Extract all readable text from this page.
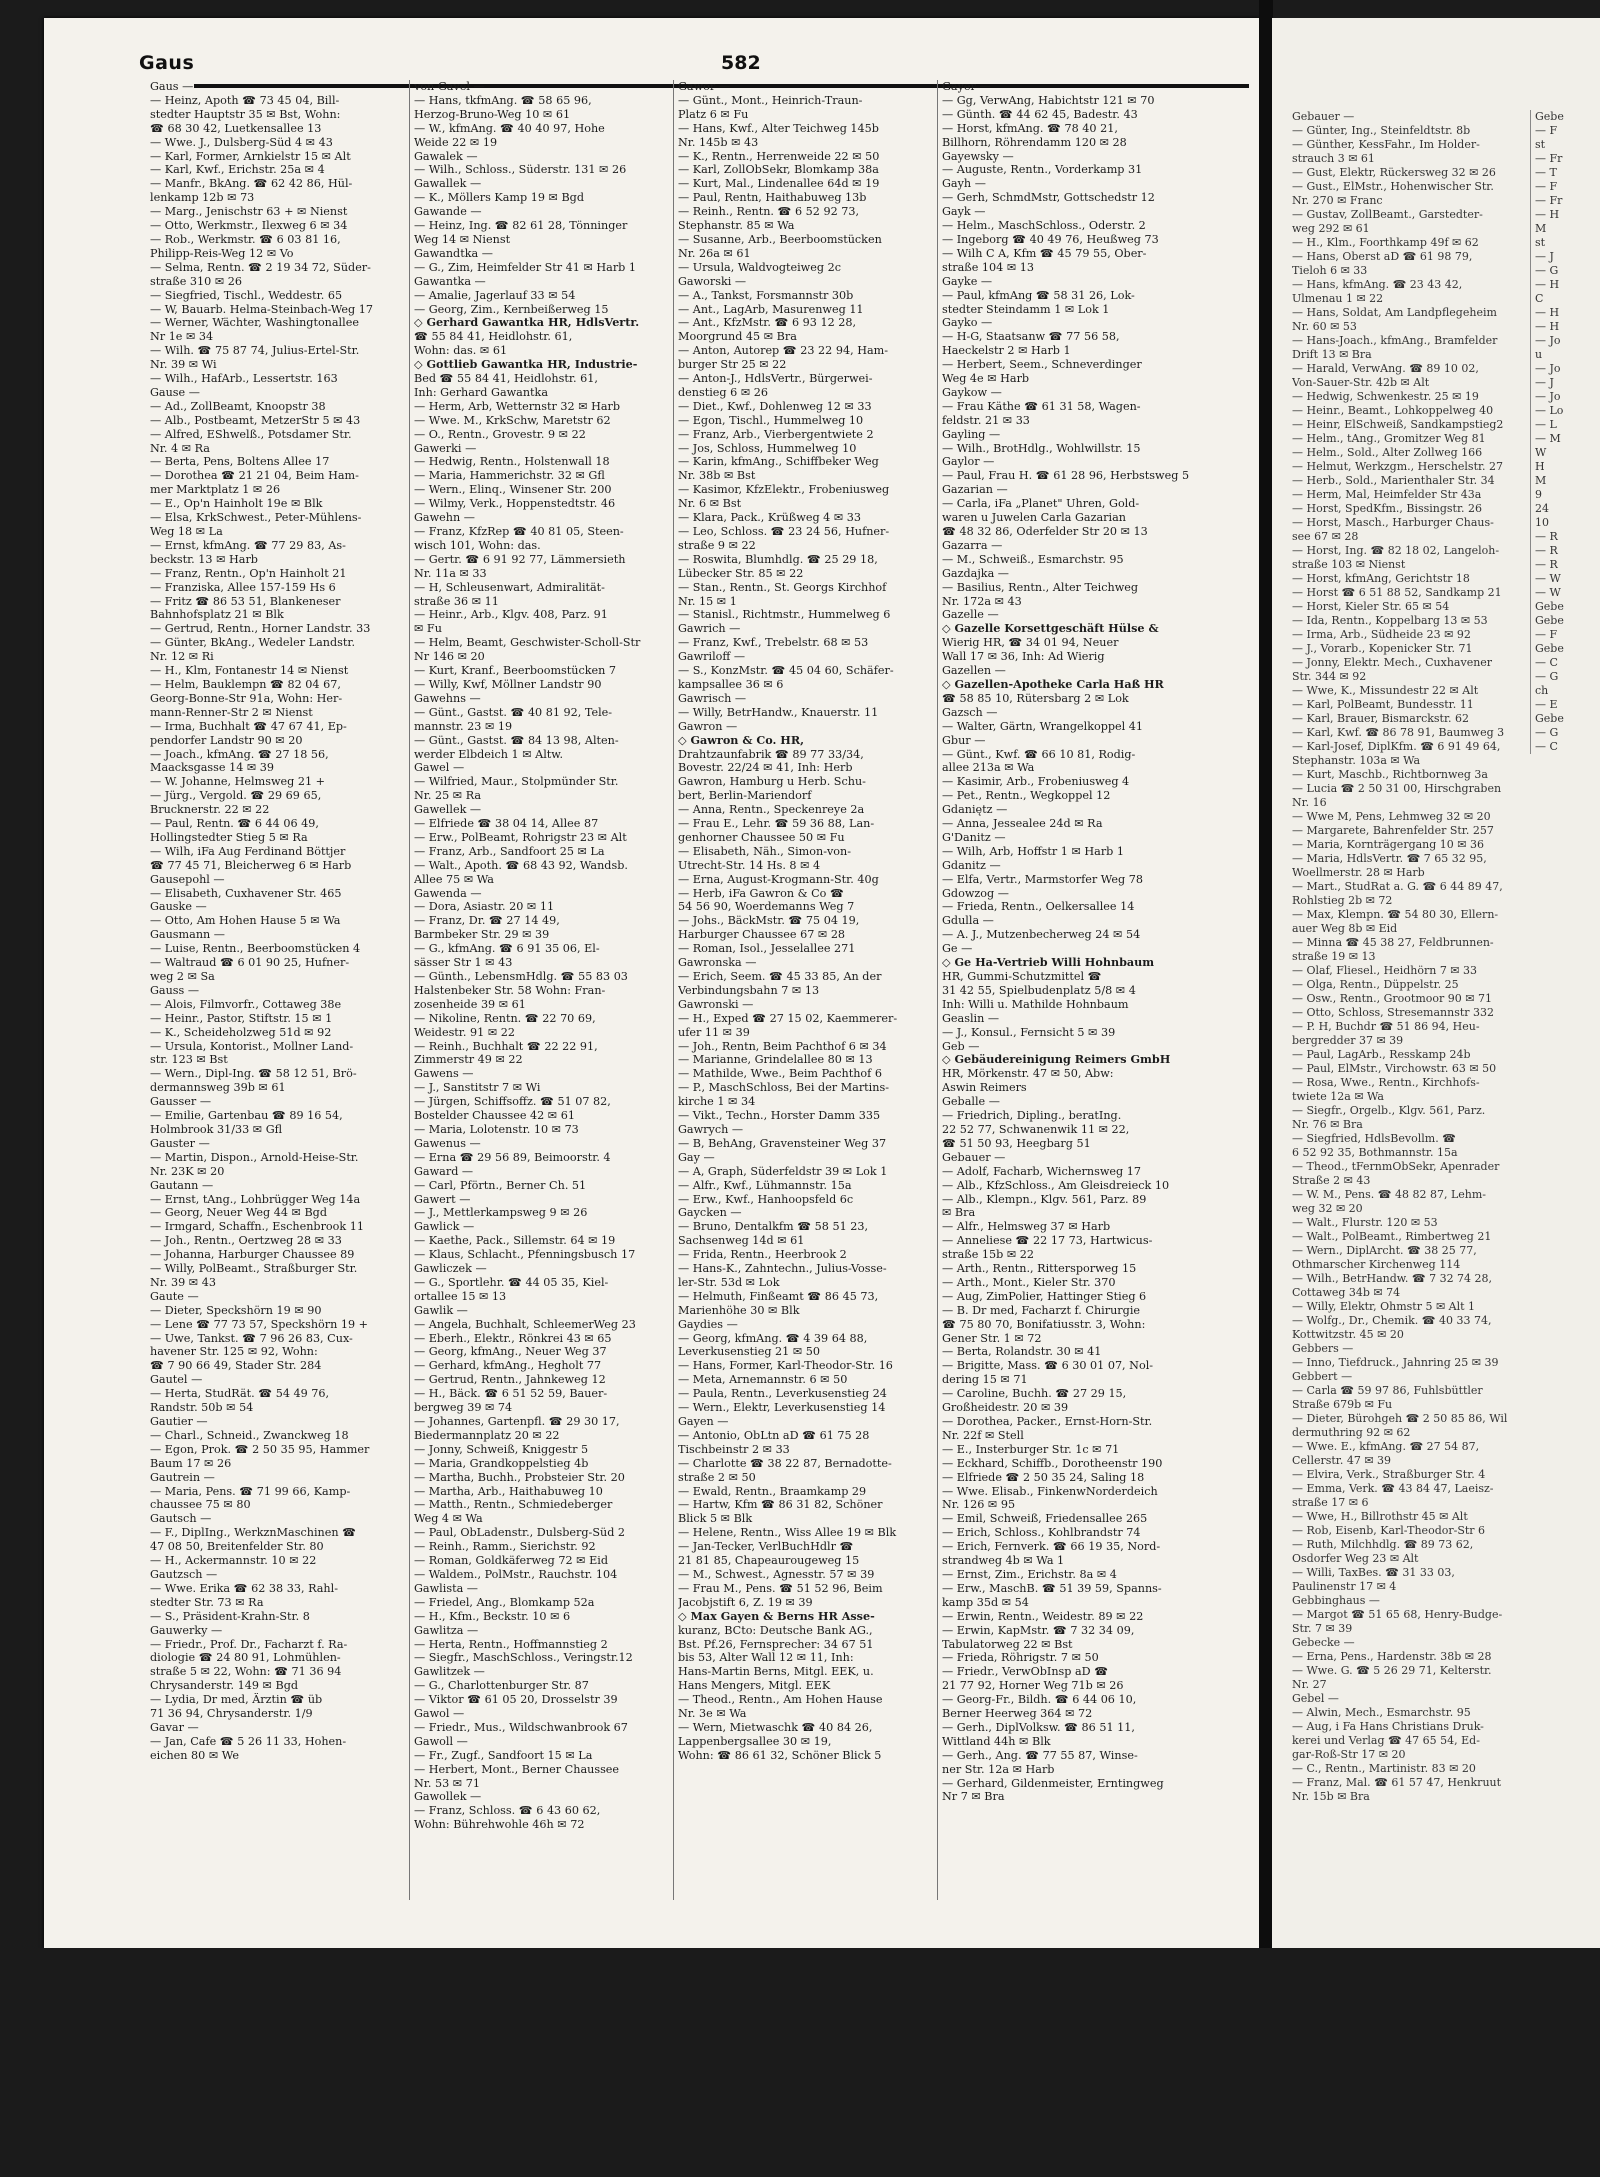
Gaus	582
Gaus —
— Heinz, Apoth ☎ 73 45 04, Bill-
stedter Hauptstr 35 ✉ Bst, Wohn:
☎ 68 30 42, Luetkensallee 13
— Wwe. J., Dulsberg-Süd 4 ✉ 43
— Karl, Former, Arnkielstr 15 ✉ Alt
— Karl, Kwf., Erichstr. 25a ✉ 4
— Manfr., BkAng. ☎ 62 42 86, Hül-
lenkamp 12b ✉ 73
— Marg., Jenischstr 63 + ✉ Nienst
— Otto, Werkmstr., Ilexweg 6 ✉ 34
— Rob., Werkmstr. ☎ 6 03 81 16,
Philipp-Reis-Weg 12 ✉ Vo
— Selma, Rentn. ☎ 2 19 34 72, Süder-
straße 310 ✉ 26
— Siegfried, Tischl., Weddestr. 65
— W, Bauarb. Helma-Steinbach-Weg 17
— Werner, Wächter, Washingtonallee
Nr 1e ✉ 34
— Wilh. ☎ 75 87 74, Julius-Ertel-Str.
Nr. 39 ✉ Wi
— Wilh., HafArb., Lessertstr. 163
Gause —
— Ad., ZollBeamt, Knoopstr 38
— Alb., Postbeamt, MetzerStr 5 ✉ 43
— Alfred, EShwelß., Potsdamer Str.
Nr. 4 ✉ Ra
— Berta, Pens, Boltens Allee 17
— Dorothea ☎ 21 21 04, Beim Ham-
mer Marktplatz 1 ✉ 26
— E., Op'n Hainholt 19e ✉ Blk
— Elsa, KrkSchwest., Peter-Mühlens-
Weg 18 ✉ La
— Ernst, kfmAng. ☎ 77 29 83, As-
beckstr. 13 ✉ Harb
— Franz, Rentn., Op'n Hainholt 21
— Franziska, Allee 157-159 Hs 6
— Fritz ☎ 86 53 51, Blankeneser
Bahnhofsplatz 21 ✉ Blk
— Gertrud, Rentn., Horner Landstr. 33
— Günter, BkAng., Wedeler Landstr.
Nr. 12 ✉ Ri
— H., Klm, Fontanestr 14 ✉ Nienst
— Helm, Bauklempn ☎ 82 04 67,
Georg-Bonne-Str 91a, Wohn: Her-
mann-Renner-Str 2 ✉ Nienst
— Irma, Buchhalt ☎ 47 67 41, Ep-
pendorfer Landstr 90 ✉ 20
— Joach., kfmAng. ☎ 27 18 56,
Maacksgasse 14 ✉ 39
— W. Johanne, Helmsweg 21 +
— Jürg., Vergold. ☎ 29 69 65,
Brucknerstr. 22 ✉ 22
— Paul, Rentn. ☎ 6 44 06 49,
Hollingstedter Stieg 5 ✉ Ra
— Wilh, iFa Aug Ferdinand Böttjer
☎ 77 45 71, Bleicherweg 6 ✉ Harb
Gausepohl —
— Elisabeth, Cuxhavener Str. 465
Gauske —
— Otto, Am Hohen Hause 5 ✉ Wa
Gausmann —
— Luise, Rentn., Beerboomstücken 4
— Waltraud ☎ 6 01 90 25, Hufner-
weg 2 ✉ Sa
Gauss —
— Alois, Filmvorfr., Cottaweg 38e
— Heinr., Pastor, Stiftstr. 15 ✉ 1
— K., Scheideholzweg 51d ✉ 92
— Ursula, Kontorist., Mollner Land-
str. 123 ✉ Bst
— Wern., Dipl-Ing. ☎ 58 12 51, Brö-
dermannsweg 39b ✉ 61
Gausser —
— Emilie, Gartenbau ☎ 89 16 54,
Holmbrook 31/33 ✉ Gfl
Gauster —
— Martin, Dispon., Arnold-Heise-Str.
Nr. 23K ✉ 20
Gautann —
— Ernst, tAng., Lohbrügger Weg 14a
— Georg, Neuer Weg 44 ✉ Bgd
— Irmgard, Schaffn., Eschenbrook 11
— Joh., Rentn., Oertzweg 28 ✉ 33
— Johanna, Harburger Chaussee 89
— Willy, PolBeamt., Straßburger Str.
Nr. 39 ✉ 43
Gaute —
— Dieter, Speckshörn 19 ✉ 90
— Lene ☎ 77 73 57, Speckshörn 19 +
— Uwe, Tankst. ☎ 7 96 26 83, Cux-
havener Str. 125 ✉ 92, Wohn:
☎ 7 90 66 49, Stader Str. 284
Gautel —
— Herta, StudRät. ☎ 54 49 76,
Randstr. 50b ✉ 54
Gautier —
— Charl., Schneid., Zwanckweg 18
— Egon, Prok. ☎ 2 50 35 95, Hammer
Baum 17 ✉ 26
Gautrein —
— Maria, Pens. ☎ 71 99 66, Kamp-
chaussee 75 ✉ 80
Gautsch —
— F., DiplIng., WerkznMaschinen ☎
47 08 50, Breitenfelder Str. 80
— H., Ackermannstr. 10 ✉ 22
Gautzsch —
— Wwe. Erika ☎ 62 38 33, Rahl-
stedter Str. 73 ✉ Ra
— S., Präsident-Krahn-Str. 8
Gauwerky —
— Friedr., Prof. Dr., Facharzt f. Ra-
diologie ☎ 24 80 91, Lohmühlen-
straße 5 ✉ 22, Wohn: ☎ 71 36 94
Chrysanderstr. 149 ✉ Bgd
— Lydia, Dr med, Ärztin ☎ üb
71 36 94, Chrysanderstr. 1/9
Gavar —
— Jan, Cafe ☎ 5 26 11 33, Hohen-
eichen 80 ✉ We
von Gavel —
— Hans, tkfmAng. ☎ 58 65 96,
Herzog-Bruno-Weg 10 ✉ 61
— W., kfmAng. ☎ 40 40 97, Hohe
Weide 22 ✉ 19
Gawalek —
— Wilh., Schloss., Süderstr. 131 ✉ 26
Gawallek —
— K., Möllers Kamp 19 ✉ Bgd
Gawande —
— Heinz, Ing. ☎ 82 61 28, Tönninger
Weg 14 ✉ Nienst
Gawandtka —
— G., Zim, Heimfelder Str 41 ✉ Harb 1
Gawantka —
— Amalie, Jagerlauf 33 ✉ 54
— Georg, Zim., Kernbeißerweg 15
◇ Gerhard Gawantka HR, HdlsVertr.
☎ 55 84 41, Heidlohstr. 61,
Wohn: das. ✉ 61
◇ Gottlieb Gawantka HR, Industrie-
Bed ☎ 55 84 41, Heidlohstr. 61,
Inh: Gerhard Gawantka
— Herm, Arb, Wetternstr 32 ✉ Harb
— Wwe. M., KrkSchw, Maretstr 62
— O., Rentn., Grovestr. 9 ✉ 22
Gawerki —
— Hedwig, Rentn., Holstenwall 18
— Maria, Hammerichstr. 32 ✉ Gfl
— Wern., Elinq., Winsener Str. 200
— Wilmy, Verk., Hoppenstedtstr. 46
Gawehn —
— Franz, KfzRep ☎ 40 81 05, Steen-
wisch 101, Wohn: das.
— Gertr. ☎ 6 91 92 77, Lämmersieth
Nr. 11a ✉ 33
— H, Schleusenwart, Admiralität-
straße 36 ✉ 11
— Heinr., Arb., Klgv. 408, Parz. 91
✉ Fu
— Helm, Beamt, Geschwister-Scholl-Str
Nr 146 ✉ 20
— Kurt, Kranf., Beerboomstücken 7
— Willy, Kwf, Möllner Landstr 90
Gawehns —
— Günt., Gastst. ☎ 40 81 92, Tele-
mannstr. 23 ✉ 19
— Günt., Gastst. ☎ 84 13 98, Alten-
werder Elbdeich 1 ✉ Altw.
Gawel —
— Wilfried, Maur., Stolpmünder Str.
Nr. 25 ✉ Ra
Gawellek —
— Elfriede ☎ 38 04 14, Allee 87
— Erw., PolBeamt, Rohrigstr 23 ✉ Alt
— Franz, Arb., Sandfoort 25 ✉ La
— Walt., Apoth. ☎ 68 43 92, Wandsb.
Allee 75 ✉ Wa
Gawenda —
— Dora, Asiastr. 20 ✉ 11
— Franz, Dr. ☎ 27 14 49,
Barmbeker Str. 29 ✉ 39
— G., kfmAng. ☎ 6 91 35 06, El-
sässer Str 1 ✉ 43
— Günth., LebensmHdlg. ☎ 55 83 03
Halstenbeker Str. 58 Wohn: Fran-
zosenheide 39 ✉ 61
— Nikoline, Rentn. ☎ 22 70 69,
Weidestr. 91 ✉ 22
— Reinh., Buchhalt ☎ 22 22 91,
Zimmerstr 49 ✉ 22
Gawens —
— J., Sanstitstr 7 ✉ Wi
— Jürgen, Schiffsoffz. ☎ 51 07 82,
Bostelder Chaussee 42 ✉ 61
— Maria, Lolotenstr. 10 ✉ 73
Gawenus —
— Erna ☎ 29 56 89, Beimoorstr. 4
Gaward —
— Carl, Pförtn., Berner Ch. 51
Gawert —
— J., Mettlerkampsweg 9 ✉ 26
Gawlick —
— Kaethe, Pack., Sillemstr. 64 ✉ 19
— Klaus, Schlacht., Pfenningsbusch 17
Gawliczek —
— G., Sportlehr. ☎ 44 05 35, Kiel-
ortallee 15 ✉ 13
Gawlik —
— Angela, Buchhalt, SchleemerWeg 23
— Eberh., Elektr., Rönkrei 43 ✉ 65
— Georg, kfmAng., Neuer Weg 37
— Gerhard, kfmAng., Hegholt 77
— Gertrud, Rentn., Jahnkeweg 12
— H., Bäck. ☎ 6 51 52 59, Bauer-
bergweg 39 ✉ 74
— Johannes, Gartenpfl. ☎ 29 30 17,
Biedermannplatz 20 ✉ 22
— Jonny, Schweiß, Kniggestr 5
— Maria, Grandkoppelstieg 4b
— Martha, Buchh., Probsteier Str. 20
— Martha, Arb., Haithabuweg 10
— Matth., Rentn., Schmiedeberger
Weg 4 ✉ Wa
— Paul, ObLadenstr., Dulsberg-Süd 2
— Reinh., Ramm., Sierichstr. 92
— Roman, Goldkäferweg 72 ✉ Eid
— Waldem., PolMstr., Rauchstr. 104
Gawlista —
— Friedel, Ang., Blomkamp 52a
— H., Kfm., Beckstr. 10 ✉ 6
Gawlitza —
— Herta, Rentn., Hoffmannstieg 2
— Siegfr., MaschSchloss., Veringstr.12
Gawlitzek —
— G., Charlottenburger Str. 87
— Viktor ☎ 61 05 20, Drosselstr 39
Gawol —
— Friedr., Mus., Wildschwanbrook 67
Gawoll —
— Fr., Zugf., Sandfoort 15 ✉ La
— Herbert, Mont., Berner Chaussee
Nr. 53 ✉ 71
Gawollek —
— Franz, Schloss. ☎ 6 43 60 62,
Wohn: Bührehwohle 46h ✉ 72
Gawor —
— Günt., Mont., Heinrich-Traun-
Platz 6 ✉ Fu
— Hans, Kwf., Alter Teichweg 145b
Nr. 145b ✉ 43
— K., Rentn., Herrenweide 22 ✉ 50
— Karl, ZollObSekr, Blomkamp 38a
— Kurt, Mal., Lindenallee 64d ✉ 19
— Paul, Rentn, Haithabuweg 13b
— Reinh., Rentn. ☎ 6 52 92 73,
Stephanstr. 85 ✉ Wa
— Susanne, Arb., Beerboomstücken
Nr. 26a ✉ 61
— Ursula, Waldvogteiweg 2c
Gaworski —
— A., Tankst, Forsmannstr 30b
— Ant., LagArb, Masurenweg 11
— Ant., KfzMstr. ☎ 6 93 12 28,
Moorgrund 45 ✉ Bra
— Anton, Autorep ☎ 23 22 94, Ham-
burger Str 25 ✉ 22
— Anton-J., HdlsVertr., Bürgerwei-
denstieg 6 ✉ 26
— Diet., Kwf., Dohlenweg 12 ✉ 33
— Egon, Tischl., Hummelweg 10
— Franz, Arb., Vierbergentwiete 2
— Jos, Schloss, Hummelweg 10
— Karin, kfmAng., Schiffbeker Weg
Nr. 38b ✉ Bst
— Kasimor, KfzElektr., Frobeniusweg
Nr. 6 ✉ Bst
— Klara, Pack., Krüßweg 4 ✉ 33
— Leo, Schloss. ☎ 23 24 56, Hufner-
straße 9 ✉ 22
— Roswita, Blumhdlg. ☎ 25 29 18,
Lübecker Str. 85 ✉ 22
— Stan., Rentn., St. Georgs Kirchhof
Nr. 15 ✉ 1
— Stanisl., Richtmstr., Hummelweg 6
Gawrich —
— Franz, Kwf., Trebelstr. 68 ✉ 53
Gawriloff —
— S., KonzMstr. ☎ 45 04 60, Schäfer-
kampsallee 36 ✉ 6
Gawrisch —
— Willy, BetrHandw., Knauerstr. 11
Gawron —
◇ Gawron & Co. HR,
Drahtzaunfabrik ☎ 89 77 33/34,
Bovestr. 22/24 ✉ 41, Inh: Herb
Gawron, Hamburg u Herb. Schu-
bert, Berlin-Mariendorf
— Anna, Rentn., Speckenreye 2a
— Frau E., Lehr. ☎ 59 36 88, Lan-
genhorner Chaussee 50 ✉ Fu
— Elisabeth, Näh., Simon-von-
Utrecht-Str. 14 Hs. 8 ✉ 4
— Erna, August-Krogmann-Str. 40g
— Herb, iFa Gawron & Co ☎
54 56 90, Woerdemanns Weg 7
— Johs., BäckMstr. ☎ 75 04 19,
Harburger Chaussee 67 ✉ 28
— Roman, Isol., Jesselallee 271
Gawronska —
— Erich, Seem. ☎ 45 33 85, An der
Verbindungsbahn 7 ✉ 13
Gawronski —
— H., Exped ☎ 27 15 02, Kaemmerer-
ufer 11 ✉ 39
— Joh., Rentn, Beim Pachthof 6 ✉ 34
— Marianne, Grindelallee 80 ✉ 13
— Mathilde, Wwe., Beim Pachthof 6
— P., MaschSchloss, Bei der Martins-
kirche 1 ✉ 34
— Vikt., Techn., Horster Damm 335
Gawrych —
— B, BehAng, Gravensteiner Weg 37
Gay —
— A, Graph, Süderfeldstr 39 ✉ Lok 1
— Alfr., Kwf., Lühmannstr. 15a
— Erw., Kwf., Hanhoopsfeld 6c
Gaycken —
— Bruno, Dentalkfm ☎ 58 51 23,
Sachsenweg 14d ✉ 61
— Frida, Rentn., Heerbrook 2
— Hans-K., Zahntechn., Julius-Vosse-
ler-Str. 53d ✉ Lok
— Helmuth, Finßeamt ☎ 86 45 73,
Marienhöhe 30 ✉ Blk
Gaydies —
— Georg, kfmAng. ☎ 4 39 64 88,
Leverkusenstieg 21 ✉ 50
— Hans, Former, Karl-Theodor-Str. 16
— Meta, Arnemannstr. 6 ✉ 50
— Paula, Rentn., Leverkusenstieg 24
— Wern., Elektr, Leverkusenstieg 14
Gayen —
— Antonio, ObLtn aD ☎ 61 75 28
Tischbeinstr 2 ✉ 33
— Charlotte ☎ 38 22 87, Bernadotte-
straße 2 ✉ 50
— Ewald, Rentn., Braamkamp 29
— Hartw, Kfm ☎ 86 31 82, Schöner
Blick 5 ✉ Blk
— Helene, Rentn., Wiss Allee 19 ✉ Blk
— Jan-Tecker, VerlBuchHdlr ☎
21 81 85, Chapeaurougeweg 15
— M., Schwest., Agnesstr. 57 ✉ 39
— Frau M., Pens. ☎ 51 52 96, Beim
Jacobjstift 6, Z. 19 ✉ 39
◇ Max Gayen & Berns HR Asse-
kuranz, BCto: Deutsche Bank AG.,
Bst. Pf.26, Fernsprecher: 34 67 51
bis 53, Alter Wall 12 ✉ 11, Inh:
Hans-Martin Berns, Mitgl. EEK, u.
Hans Mengers, Mitgl. EEK
— Theod., Rentn., Am Hohen Hause
Nr. 3e ✉ Wa
— Wern, Mietwaschk ☎ 40 84 26,
Lappenbergsallee 30 ✉ 19,
Wohn: ☎ 86 61 32, Schöner Blick 5
Gayer —
— Gg, VerwAng, Habichtstr 121 ✉ 70
— Günth. ☎ 44 62 45, Badestr. 43
— Horst, kfmAng. ☎ 78 40 21,
Billhorn, Röhrendamm 120 ✉ 28
Gayewsky —
— Auguste, Rentn., Vorderkamp 31
Gayh —
— Gerh, SchmdMstr, Gottschedstr 12
Gayk —
— Helm., MaschSchloss., Oderstr. 2
— Ingeborg ☎ 40 49 76, Heußweg 73
— Wilh C A, Kfm ☎ 45 79 55, Ober-
straße 104 ✉ 13
Gayke —
— Paul, kfmAng ☎ 58 31 26, Lok-
stedter Steindamm 1 ✉ Lok 1
Gayko —
— H-G, Staatsanw ☎ 77 56 58,
Haeckelstr 2 ✉ Harb 1
— Herbert, Seem., Schneverdinger
Weg 4e ✉ Harb
Gaykow —
— Frau Käthe ☎ 61 31 58, Wagen-
feldstr. 21 ✉ 33
Gayling —
— Wilh., BrotHdlg., Wohlwillstr. 15
Gaylor —
— Paul, Frau H. ☎ 61 28 96, Herbstsweg 5
Gazarian —
— Carla, iFa „Planet" Uhren, Gold-
waren u Juwelen Carla Gazarian
☎ 48 32 86, Oderfelder Str 20 ✉ 13
Gazarra —
— M., Schweiß., Esmarchstr. 95
Gazdajka —
— Basilius, Rentn., Alter Teichweg
Nr. 172a ✉ 43
Gazelle —
◇ Gazelle Korsettgeschäft Hülse &
Wierig HR, ☎ 34 01 94, Neuer
Wall 17 ✉ 36, Inh: Ad Wierig
Gazellen —
◇ Gazellen-Apotheke Carla Haß HR
☎ 58 85 10, Rütersbarg 2 ✉ Lok
Gazsch —
— Walter, Gärtn, Wrangelkoppel 41
Gbur —
— Günt., Kwf. ☎ 66 10 81, Rodig-
allee 213a ✉ Wa
— Kasimir, Arb., Frobeniusweg 4
— Pet., Rentn., Wegkoppel 12
Gdaniętz —
— Anna, Jessealee 24d ✉ Ra
G'Danitz —
— Wilh, Arb, Hoffstr 1 ✉ Harb 1
Gdanitz —
— Elfa, Vertr., Marmstorfer Weg 78
Gdowzog —
— Frieda, Rentn., Oelkersallee 14
Gdulla —
— A. J., Mutzenbecherweg 24 ✉ 54
Ge —
◇ Ge Ha-Vertrieb Willi Hohnbaum
HR, Gummi-Schutzmittel ☎
31 42 55, Spielbudenplatz 5/8 ✉ 4
Inh: Willi u. Mathilde Hohnbaum
Geaslin —
— J., Konsul., Fernsicht 5 ✉ 39
Geb —
◇ Gebäudereinigung Reimers GmbH
HR, Mörkenstr. 47 ✉ 50, Abw:
Aswin Reimers
Geballe —
— Friedrich, Dipling., beratIng.
22 52 77, Schwanenwik 11 ✉ 22,
☎ 51 50 93, Heegbarg 51
Gebauer —
— Adolf, Facharb, Wichernsweg 17
— Alb., KfzSchloss., Am Gleisdreieck 10
— Alb., Klempn., Klgv. 561, Parz. 89
✉ Bra
— Alfr., Helmsweg 37 ✉ Harb
— Anneliese ☎ 22 17 73, Hartwicus-
straße 15b ✉ 22
— Arth., Rentn., Rittersporweg 15
— Arth., Mont., Kieler Str. 370
— Aug, ZimPolier, Hattinger Stieg 6
— B. Dr med, Facharzt f. Chirurgie
☎ 75 80 70, Bonifatiusstr. 3, Wohn:
Gener Str. 1 ✉ 72
— Berta, Rolandstr. 30 ✉ 41
— Brigitte, Mass. ☎ 6 30 01 07, Nol-
dering 15 ✉ 71
— Caroline, Buchh. ☎ 27 29 15,
Großheidestr. 20 ✉ 39
— Dorothea, Packer., Ernst-Horn-Str.
Nr. 22f ✉ Stell
— E., Insterburger Str. 1c ✉ 71
— Eckhard, Schiffb., Dorotheenstr 190
— Elfriede ☎ 2 50 35 24, Saling 18
— Wwe. Elisab., FinkenwNorderdeich
Nr. 126 ✉ 95
— Emil, Schweiß, Friedensallee 265
— Erich, Schloss., Kohlbrandstr 74
— Erich, Fernverk. ☎ 66 19 35, Nord-
strandweg 4b ✉ Wa 1
— Ernst, Zim., Erichstr. 8a ✉ 4
— Erw., MaschB. ☎ 51 39 59, Spanns-
kamp 35d ✉ 54
— Erwin, Rentn., Weidestr. 89 ✉ 22
— Erwin, KapMstr. ☎ 7 32 34 09,
Tabulatorweg 22 ✉ Bst
— Frieda, Röhrigstr. 7 ✉ 50
— Friedr., VerwObInsp aD ☎
21 77 92, Horner Weg 71b ✉ 26
— Georg-Fr., Bildh. ☎ 6 44 06 10,
Berner Heerweg 364 ✉ 72
— Gerh., DiplVolksw. ☎ 86 51 11,
Wittland 44h ✉ Blk
— Gerh., Ang. ☎ 77 55 87, Winse-
ner Str. 12a ✉ Harb
— Gerhard, Gildenmeister, Erntingweg
Nr 7 ✉ Bra
Gebauer —
— Günter, Ing., Steinfeldtstr. 8b
— Günther, KessFahr., Im Holder-
strauch 3 ✉ 61
— Gust, Elektr, Rückersweg 32 ✉ 26
— Gust., ElMstr., Hohenwischer Str.
Nr. 270 ✉ Franc
— Gustav, ZollBeamt., Garstedter-
weg 292 ✉ 61
— H., Klm., Foorthkamp 49f ✉ 62
— Hans, Oberst aD ☎ 61 98 79,
Tieloh 6 ✉ 33
— Hans, kfmAng. ☎ 23 43 42,
Ulmenau 1 ✉ 22
— Hans, Soldat, Am Landpflegeheim
Nr. 60 ✉ 53
— Hans-Joach., kfmAng., Bramfelder
Drift 13 ✉ Bra
— Harald, VerwAng. ☎ 89 10 02,
Von-Sauer-Str. 42b ✉ Alt
— Hedwig, Schwenkestr. 25 ✉ 19
— Heinr., Beamt., Lohkoppelweg 40
— Heinr, ElSchweiß, Sandkampstieg2
— Helm., tAng., Gromitzer Weg 81
— Helm., Sold., Alter Zollweg 166
— Helmut, Werkzgm., Herschelstr. 27
— Herb., Sold., Marienthaler Str. 34
— Herm, Mal, Heimfelder Str 43a
— Horst, SpedKfm., Bissingstr. 26
— Horst, Masch., Harburger Chaus-
see 67 ✉ 28
— Horst, Ing. ☎ 82 18 02, Langeloh-
straße 103 ✉ Nienst
— Horst, kfmAng, Gerichtstr 18
— Horst ☎ 6 51 88 52, Sandkamp 21
— Horst, Kieler Str. 65 ✉ 54
— Ida, Rentn., Koppelbarg 13 ✉ 53
— Irma, Arb., Südheide 23 ✉ 92
— J., Vorarb., Kopenicker Str. 71
— Jonny, Elektr. Mech., Cuxhavener
Str. 344 ✉ 92
— Wwe, K., Missundestr 22 ✉ Alt
— Karl, PolBeamt, Bundesstr. 11
— Karl, Brauer, Bismarckstr. 62
— Karl, Kwf. ☎ 86 78 91, Baumweg 3
— Karl-Josef, DiplKfm. ☎ 6 91 49 64,
Stephanstr. 103a ✉ Wa
— Kurt, Maschb., Richtbornweg 3a
— Lucia ☎ 2 50 31 00, Hirschgraben
Nr. 16
— Wwe M, Pens, Lehmweg 32 ✉ 20
— Margarete, Bahrenfelder Str. 257
— Maria, Kornträgergang 10 ✉ 36
— Maria, HdlsVertr. ☎ 7 65 32 95,
Woellmerstr. 28 ✉ Harb
— Mart., StudRat a. G. ☎ 6 44 89 47,
Rohlstieg 2b ✉ 72
— Max, Klempn. ☎ 54 80 30, Ellern-
auer Weg 8b ✉ Eid
— Minna ☎ 45 38 27, Feldbrunnen-
straße 19 ✉ 13
— Olaf, Fliesel., Heidhörn 7 ✉ 33
— Olga, Rentn., Düppelstr. 25
— Osw., Rentn., Grootmoor 90 ✉ 71
— Otto, Schloss, Stresemannstr 332
— P. H, Buchdr ☎ 51 86 94, Heu-
bergredder 37 ✉ 39
— Paul, LagArb., Resskamp 24b
— Paul, ElMstr., Virchowstr. 63 ✉ 50
— Rosa, Wwe., Rentn., Kirchhofs-
twiete 12a ✉ Wa
— Siegfr., Orgelb., Klgv. 561, Parz.
Nr. 76 ✉ Bra
— Siegfried, HdlsBevollm. ☎
6 52 92 35, Bothmannstr. 15a
— Theod., tFernmObSekr, Apenrader
Straße 2 ✉ 43
— W. M., Pens. ☎ 48 82 87, Lehm-
weg 32 ✉ 20
— Walt., Flurstr. 120 ✉ 53
— Walt., PolBeamt., Rimbertweg 21
— Wern., DiplArcht. ☎ 38 25 77,
Othmarscher Kirchenweg 114
— Wilh., BetrHandw. ☎ 7 32 74 28,
Cottaweg 34b ✉ 74
— Willy, Elektr, Ohmstr 5 ✉ Alt 1
— Wolfg., Dr., Chemik. ☎ 40 33 74,
Kottwitzstr. 45 ✉ 20
Gebbers —
— Inno, Tiefdruck., Jahnring 25 ✉ 39
Gebbert —
— Carla ☎ 59 97 86, Fuhlsbüttler
Straße 679b ✉ Fu
— Dieter, Bürohgeh ☎ 2 50 85 86, Wil
dermuthring 92 ✉ 62
— Wwe. E., kfmAng. ☎ 27 54 87,
Cellerstr. 47 ✉ 39
— Elvira, Verk., Straßburger Str. 4
— Emma, Verk. ☎ 43 84 47, Laeisz-
straße 17 ✉ 6
— Wwe, H., Billrothstr 45 ✉ Alt
— Rob, Eisenb, Karl-Theodor-Str 6
— Ruth, Milchhdlg. ☎ 89 73 62,
Osdorfer Weg 23 ✉ Alt
— Willi, TaxBes. ☎ 31 33 03,
Paulinenstr 17 ✉ 4
Gebbinghaus —
— Margot ☎ 51 65 68, Henry-Budge-
Str. 7 ✉ 39
Gebecke —
— Erna, Pens., Hardenstr. 38b ✉ 28
— Wwe. G. ☎ 5 26 29 71, Kelterstr.
Nr. 27
Gebel —
— Alwin, Mech., Esmarchstr. 95
— Aug, i Fa Hans Christians Druk-
kerei und Verlag ☎ 47 65 54, Ed-
gar-Roß-Str 17 ✉ 20
— C., Rentn., Martinistr. 83 ✉ 20
— Franz, Mal. ☎ 61 57 47, Henkruut
Nr. 15b ✉ Bra
Gebe
— F
st
— Fr
— T
— F
— Fr
— H
M
st
— J
— G
— H
C
— H
— H
— Jo
u
— Jo
— J
— Jo
— Lo
— L
— M
W
H
M
9
24
10
— R
— R
— R
— W
— W
Gebe
Gebe
— F
Gebe
— C
— G
ch
— E
Gebe
— G
— C
